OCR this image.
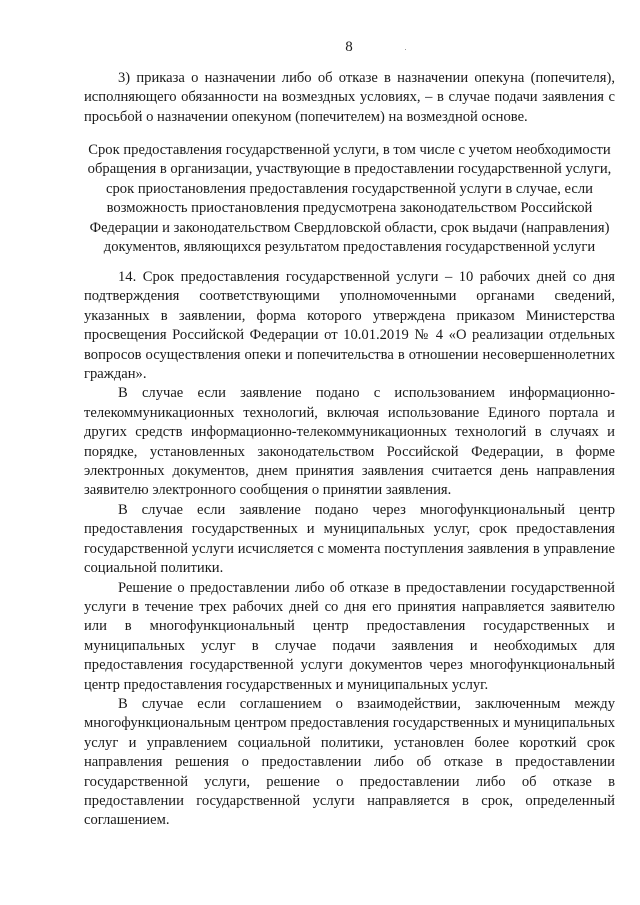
8

3) приказа о назначении либо об отказе в назначении опекуна (попечителя), исполняющего обязанности на возмездных условиях, – в случае подачи заявления с просьбой о назначении опекуном (попечителем) на возмездной основе.

Срок предоставления государственной услуги, в том числе с учетом необходимости обращения в организации, участвующие в предоставлении государственной услуги, срок приостановления предоставления государственной услуги в случае, если возможность приостановления предусмотрена законодательством Российской Федерации и законодательством Свердловской области, срок выдачи (направления) документов, являющихся результатом предоставления государственной услуги

14. Срок предоставления государственной услуги – 10 рабочих дней со дня подтверждения соответствующими уполномоченными органами сведений, указанных в заявлении, форма которого утверждена приказом Министерства просвещения Российской Федерации от 10.01.2019 № 4 «О реализации отдельных вопросов осуществления опеки и попечительства в отношении несовершеннолетних граждан».

В случае если заявление подано с использованием информационно-телекоммуникационных технологий, включая использование Единого портала и других средств информационно-телекоммуникационных технологий в случаях и порядке, установленных законодательством Российской Федерации, в форме электронных документов, днем принятия заявления считается день направления заявителю электронного сообщения о принятии заявления.

В случае если заявление подано через многофункциональный центр предоставления государственных и муниципальных услуг, срок предоставления государственной услуги исчисляется с момента поступления заявления в управление социальной политики.

Решение о предоставлении либо об отказе в предоставлении государственной услуги в течение трех рабочих дней со дня его принятия направляется заявителю или в многофункциональный центр предоставления государственных и муниципальных услуг в случае подачи заявления и необходимых для предоставления государственной услуги документов через многофункциональный центр предоставления государственных и муниципальных услуг.

В случае если соглашением о взаимодействии, заключенным между многофункциональным центром предоставления государственных и муниципальных услуг и управлением социальной политики, установлен более короткий срок направления решения о предоставлении либо об отказе в предоставлении государственной услуги, решение о предоставлении либо об отказе в предоставлении государственной услуги направляется в срок, определенный соглашением.
